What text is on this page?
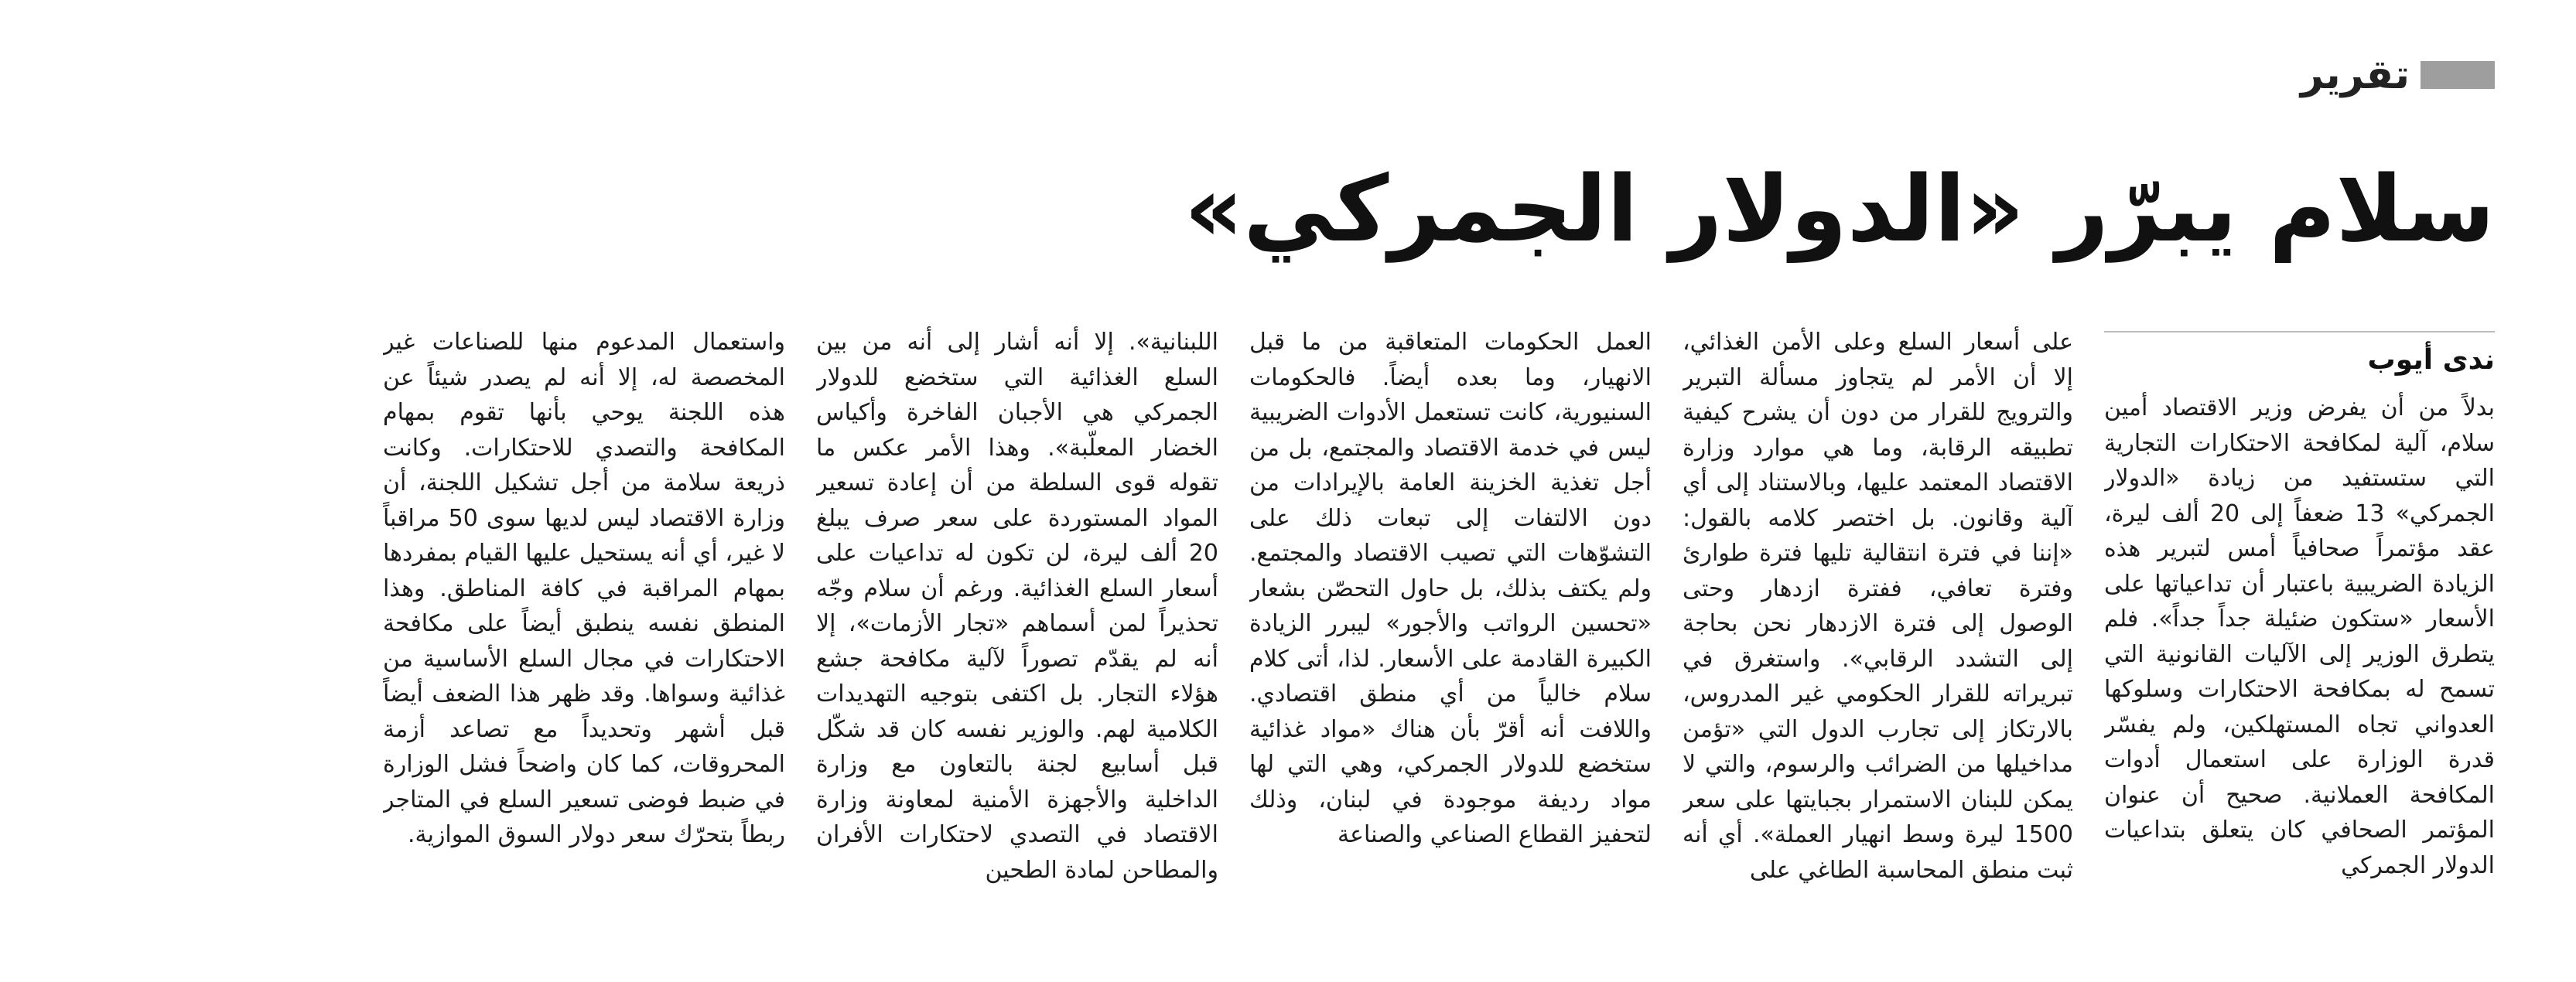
تقرير
سلام يبرّر «الدولار الجمركي»
ندى أيوب

بدلاً من أن يفرض وزير الاقتصاد أمين سلام، آلية لمكافحة الاحتكارات التجارية التي ستستفيد من زيادة «الدولار الجمركي» 13 ضعفاً إلى 20 ألف ليرة، عقد مؤتمراً صحافياً أمس لتبرير هذه الزيادة الضريبية باعتبار أن تداعياتها على الأسعار «ستكون ضئيلة جداً جداً». فلم يتطرق الوزير إلى الآليات القانونية التي تسمح له بمكافحة الاحتكارات وسلوكها العدواني تجاه المستهلكين، ولم يفسّر قدرة الوزارة على استعمال أدوات المكافحة العملانية. صحيح أن عنوان المؤتمر الصحافي كان يتعلق بتداعيات الدولار الجمركي

على أسعار السلع وعلى الأمن الغذائي، إلا أن الأمر لم يتجاوز مسألة التبرير والترويج للقرار من دون أن يشرح كيفية تطبيقه الرقابة، وما هي موارد وزارة الاقتصاد المعتمد عليها، وبالاستناد إلى أي آلية وقانون. بل اختصر كلامه بالقول: «إننا في فترة انتقالية تليها فترة طوارئ وفترة تعافي، ففترة ازدهار وحتى الوصول إلى فترة الازدهار نحن بحاجة إلى التشدد الرقابي». واستغرق في تبريراته للقرار الحكومي غير المدروس، بالارتكاز إلى تجارب الدول التي «تؤمن مداخيلها من الضرائب والرسوم، والتي لا يمكن للبنان الاستمرار بجبايتها على سعر 1500 ليرة وسط انهيار العملة». أي أنه ثبت منطق المحاسبة الطاغي على

العمل الحكومات المتعاقبة من ما قبل الانهيار، وما بعده أيضاً. فالحكومات السنيورية، كانت تستعمل الأدوات الضريبية ليس في خدمة الاقتصاد والمجتمع، بل من أجل تغذية الخزينة العامة بالإيرادات من دون الالتفات إلى تبعات ذلك على التشوّهات التي تصيب الاقتصاد والمجتمع. ولم يكتف بذلك، بل حاول التحصّن بشعار «تحسين الرواتب والأجور» ليبرر الزيادة الكبيرة القادمة على الأسعار. لذا، أتى كلام سلام خالياً من أي منطق اقتصادي. واللافت أنه أقرّ بأن هناك «مواد غذائية ستخضع للدولار الجمركي، وهي التي لها مواد رديفة موجودة في لبنان، وذلك لتحفيز القطاع الصناعي والصناعة

اللبنانية». إلا أنه أشار إلى أنه من بين السلع الغذائية التي ستخضع للدولار الجمركي هي الأجبان الفاخرة وأكياس الخضار المعلّبة». وهذا الأمر عكس ما تقوله قوى السلطة من أن إعادة تسعير المواد المستوردة على سعر صرف يبلغ 20 ألف ليرة، لن تكون له تداعيات على أسعار السلع الغذائية. ورغم أن سلام وجّه تحذيراً لمن أسماهم «تجار الأزمات»، إلا أنه لم يقدّم تصوراً لآلية مكافحة جشع هؤلاء التجار. بل اكتفى بتوجيه التهديدات الكلامية لهم. والوزير نفسه كان قد شكّل قبل أسابيع لجنة بالتعاون مع وزارة الداخلية والأجهزة الأمنية لمعاونة وزارة الاقتصاد في التصدي لاحتكارات الأفران والمطاحن لمادة الطحين

واستعمال المدعوم منها للصناعات غير المخصصة له، إلا أنه لم يصدر شيئاً عن هذه اللجنة يوحي بأنها تقوم بمهام المكافحة والتصدي للاحتكارات. وكانت ذريعة سلامة من أجل تشكيل اللجنة، أن وزارة الاقتصاد ليس لديها سوى 50 مراقباً لا غير، أي أنه يستحيل عليها القيام بمفردها بمهام المراقبة في كافة المناطق. وهذا المنطق نفسه ينطبق أيضاً على مكافحة الاحتكارات في مجال السلع الأساسية من غذائية وسواها. وقد ظهر هذا الضعف أيضاً قبل أشهر وتحديداً مع تصاعد أزمة المحروقات، كما كان واضحاً فشل الوزارة في ضبط فوضى تسعير السلع في المتاجر ربطاً بتحرّك سعر دولار السوق الموازية.
